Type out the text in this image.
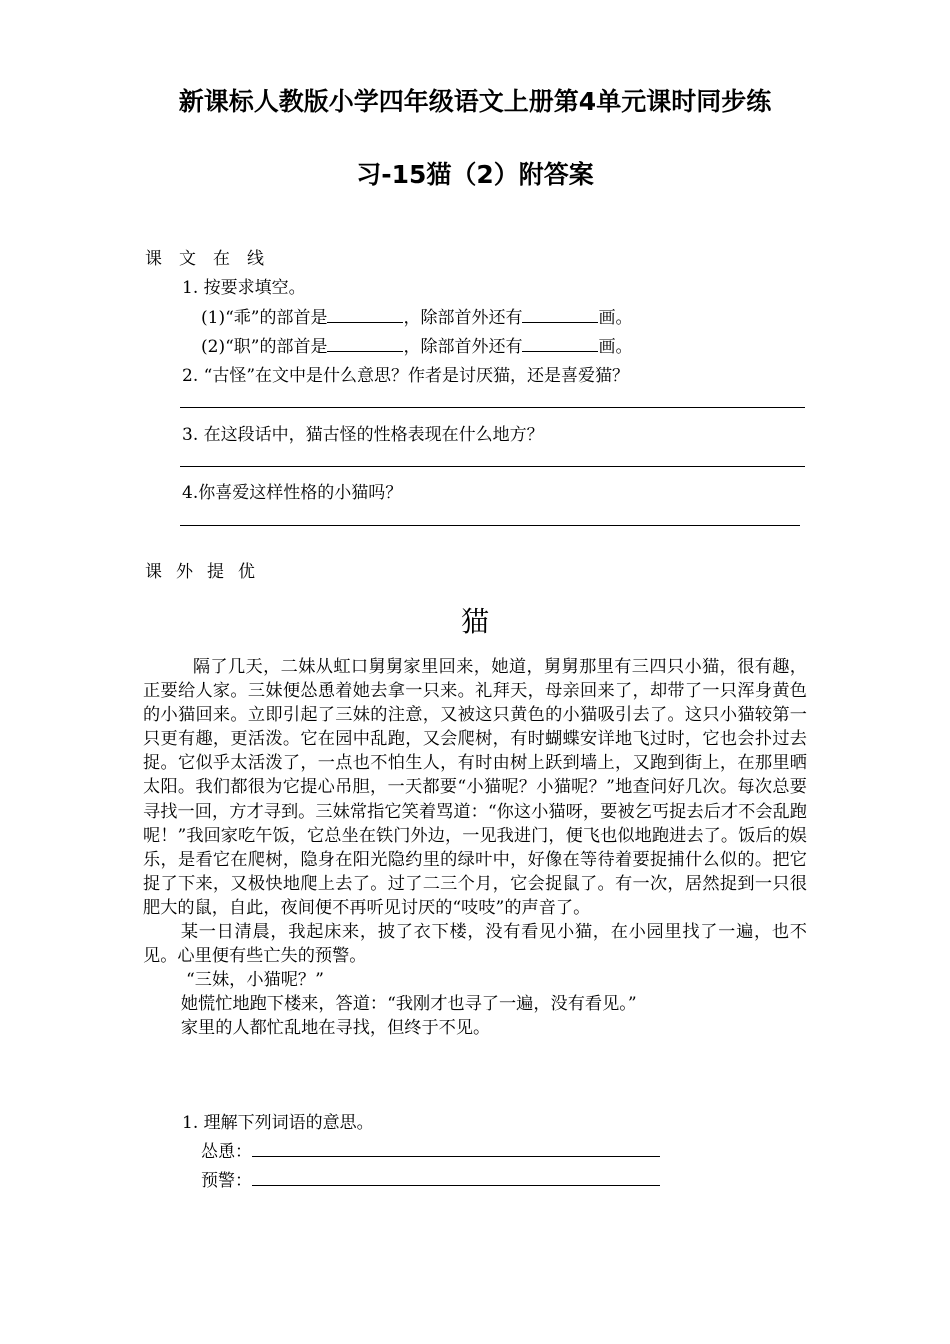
新课标人教版小学四年级语文上册第4单元课时同步练
习-15猫（2）附答案
课文在线
1. 按要求填空。
(1)“乖”的部首是	，除部首外还有	画。
(2)“职”的部首是	，除部首外还有	画。
2. “古怪”在文中是什么意思？作者是讨厌猫，还是喜爱猫？
3. 在这段话中，猫古怪的性格表现在什么地方？
4.你喜爱这样性格的小猫吗？
课外提优
猫

隔了几天，二妹从虹口舅舅家里回来，她道，舅舅那里有三四只小猫，很有趣，正要给人家。三妹便怂恿着她去拿一只来。礼拜天，母亲回来了，却带了一只浑身黄色的小猫回来。立即引起了三妹的注意，又被这只黄色的小猫吸引去了。这只小猫较第一只更有趣，更活泼。它在园中乱跑，又会爬树，有时蝴蝶安详地飞过时，它也会扑过去捉。它似乎太活泼了，一点也不怕生人，有时由树上跃到墙上，又跑到街上，在那里晒太阳。我们都很为它提心吊胆，一天都要“小猫呢？小猫呢？”地查问好几次。每次总要寻找一回，方才寻到。三妹常指它笑着骂道：“你这小猫呀，要被乞丐捉去后才不会乱跑呢！”我回家吃午饭，它总坐在铁门外边，一见我进门，便飞也似地跑进去了。饭后的娱乐，是看它在爬树，隐身在阳光隐约里的绿叶中，好像在等待着要捉捕什么似的。把它捉了下来，又极快地爬上去了。过了二三个月，它会捉鼠了。有一次，居然捉到一只很肥大的鼠，自此，夜间便不再听见讨厌的“吱吱”的声音了。

某一日清晨，我起床来，披了衣下楼，没有看见小猫，在小园里找了一遍，也不见。心里便有些亡失的预警。

“三妹，小猫呢？”

她慌忙地跑下楼来，答道：“我刚才也寻了一遍，没有看见。”

家里的人都忙乱地在寻找，但终于不见。

1. 理解下列词语的意思。
怂恿：
预警：
